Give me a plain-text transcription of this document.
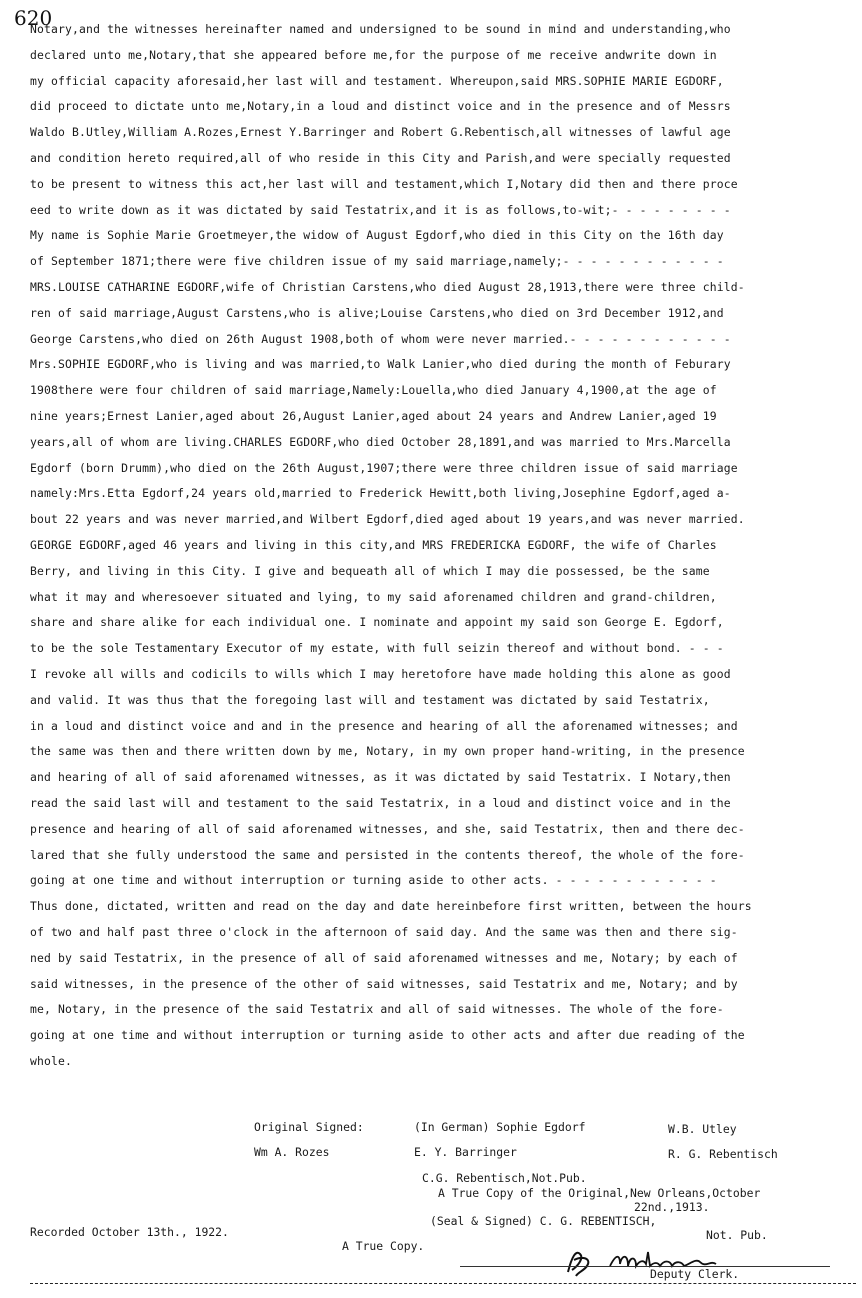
620
Notary,and the witnesses hereinafter named and undersigned to be sound in mind and understanding,who
declared unto me,Notary,that she appeared before me,for the purpose of me receive andwrite down in
my official capacity aforesaid,her last will and testament. Whereupon,said MRS.SOPHIE MARIE EGDORF,
did proceed to dictate unto me,Notary,in a loud and distinct voice and in the presence and of Messrs
Waldo B.Utley,William A.Rozes,Ernest Y.Barringer and Robert G.Rebentisch,all witnesses of lawful age
and condition hereto required,all of who reside in this City and Parish,and were specially requested
to be present to witness this act,her last will and testament,which I,Notary did then and there proce
eed to write down as it was dictated by said Testatrix,and it is as follows,to-wit;- - - - - - - - -
My name is Sophie Marie Groetmeyer,the widow of August Egdorf,who died in this City on the 16th day
of September 1871;there were five children issue of my said marriage,namely;- - - - - - - - - - - -
MRS.LOUISE CATHARINE EGDORF,wife of Christian Carstens,who died August 28,1913,there were three child-
ren of said marriage,August Carstens,who is alive;Louise Carstens,who died on 3rd December 1912,and
George Carstens,who died on 26th August 1908,both of whom were never married.- - - - - - - - - - - -
Mrs.SOPHIE EGDORF,who is living and was married,to Walk Lanier,who died during the month of Feburary
1908there were four children of said marriage,Namely:Louella,who died January 4,1900,at the age of
nine years;Ernest Lanier,aged about 26,August Lanier,aged about 24 years and Andrew Lanier,aged 19
years,all of whom are living.CHARLES EGDORF,who died October 28,1891,and was married to Mrs.Marcella
Egdorf (born Drumm),who died on the 26th August,1907;there were three children issue of said marriage
namely:Mrs.Etta Egdorf,24 years old,married to Frederick Hewitt,both living,Josephine Egdorf,aged a-
bout 22 years and was never married,and Wilbert Egdorf,died aged about 19 years,and was never married.
GEORGE EGDORF,aged 46 years and living in this city,and MRS FREDERICKA EGDORF, the wife of Charles
Berry, and living in this City. I give and bequeath all of which I may die possessed, be the same
what it may and wheresoever situated and lying, to my said aforenamed children and grand-children,
share and share alike for each individual one. I nominate and appoint my said son George E. Egdorf,
to be the sole Testamentary Executor of my estate, with full seizin thereof and without bond. - - -
I revoke all wills and codicils to wills which I may heretofore have made holding this alone as good
and valid. It was thus that the foregoing last will and testament was dictated by said Testatrix,
in a loud and distinct voice and and in the presence and hearing of all the aforenamed witnesses; and
the same was then and there written down by me, Notary, in my own proper hand-writing, in the presence
and hearing of all of said aforenamed witnesses, as it was dictated by said Testatrix. I Notary,then
read the said last will and testament to the said Testatrix, in a loud and distinct voice and in the
presence and hearing of all of said aforenamed witnesses, and she, said Testatrix, then and there dec-
lared that she fully understood the same and persisted in the contents thereof, the whole of the fore-
going at one time and without interruption or turning aside to other acts. - - - - - - - - - - - -
Thus done, dictated, written and read on the day and date hereinbefore first written, between the hours
of two and half past three o'clock in the afternoon of said day. And the same was then and there sig-
ned by said Testatrix, in the presence of all of said aforenamed witnesses and me, Notary; by each of
said witnesses, in the presence of the other of said witnesses, said Testatrix and me, Notary; and by
me, Notary, in the presence of the said Testatrix and all of said witnesses. The whole of the fore-
going at one time and without interruption or turning aside to other acts and after due reading of the
whole.
Original Signed:
Wm A. Rozes
(In German) Sophie Egdorf
E. Y. Barringer
W.B. Utley
R. G. Rebentisch
C.G. Rebentisch,Not.Pub.
A True Copy of the Original,New Orleans,October
22nd.,1913.
(Seal & Signed) C. G. REBENTISCH,
Not. Pub.
Recorded October 13th., 1922.
A True Copy.
Deputy Clerk.
